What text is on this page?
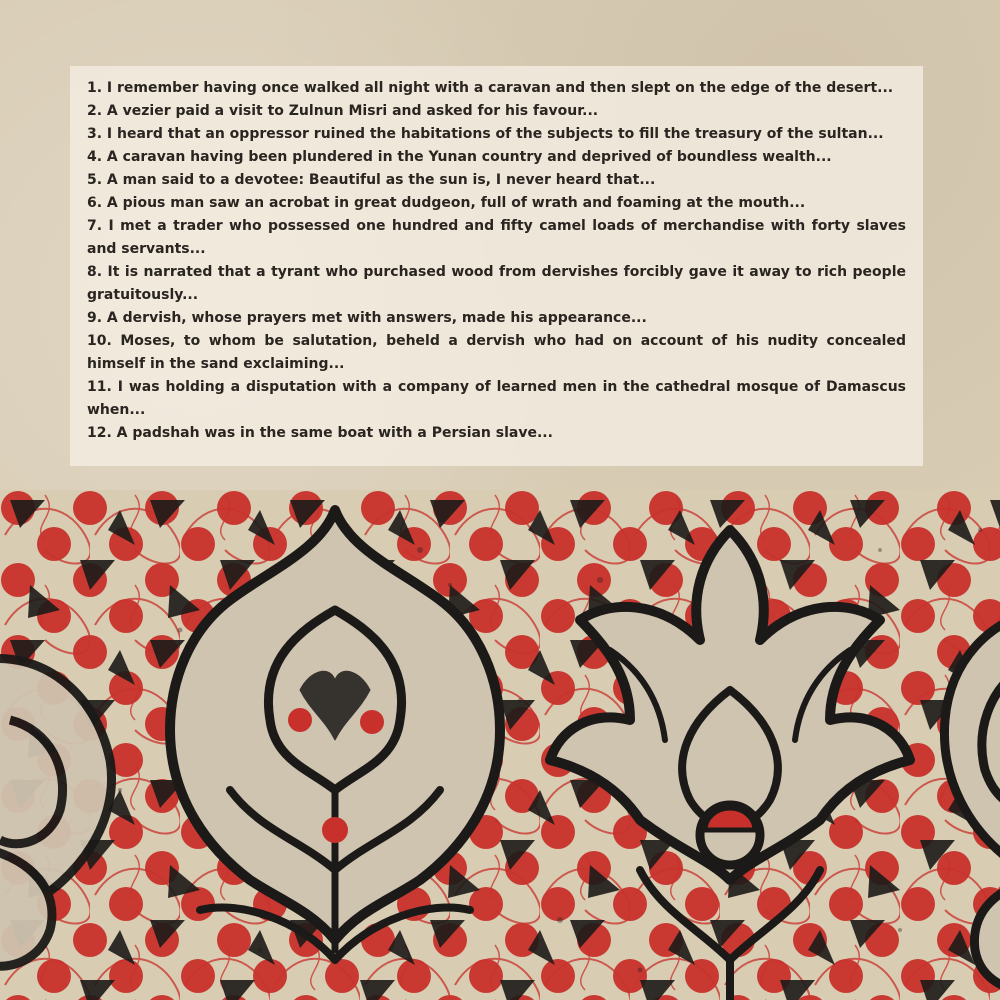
1. I remember having once walked all night with a caravan and then slept on the edge of the desert...
2. A vezier paid a visit to Zulnun Misri and asked for his favour...
3. I heard that an oppressor ruined the habitations of the subjects to fill the treasury of the sultan...
4. A caravan having been plundered in the Yunan country and deprived of boundless wealth...
5. A man said to a devotee: Beautiful as the sun is, I never heard that...
6. A pious man saw an acrobat in great dudgeon, full of wrath and foaming at the mouth...
7. I met a trader who possessed one hundred and fifty camel loads of merchandise with forty slaves and servants...
8. It is narrated that a tyrant who purchased wood from dervishes forcibly gave it away to rich people gratuitously...
9. A dervish, whose prayers met with answers, made his appearance...
10. Moses, to whom be salutation, beheld a dervish who had on account of his nudity concealed himself in the sand exclaiming...
11. I was holding a disputation with a company of learned men in the cathedral mosque of Damascus when...
12. A padshah was in the same boat with a Persian slave...
